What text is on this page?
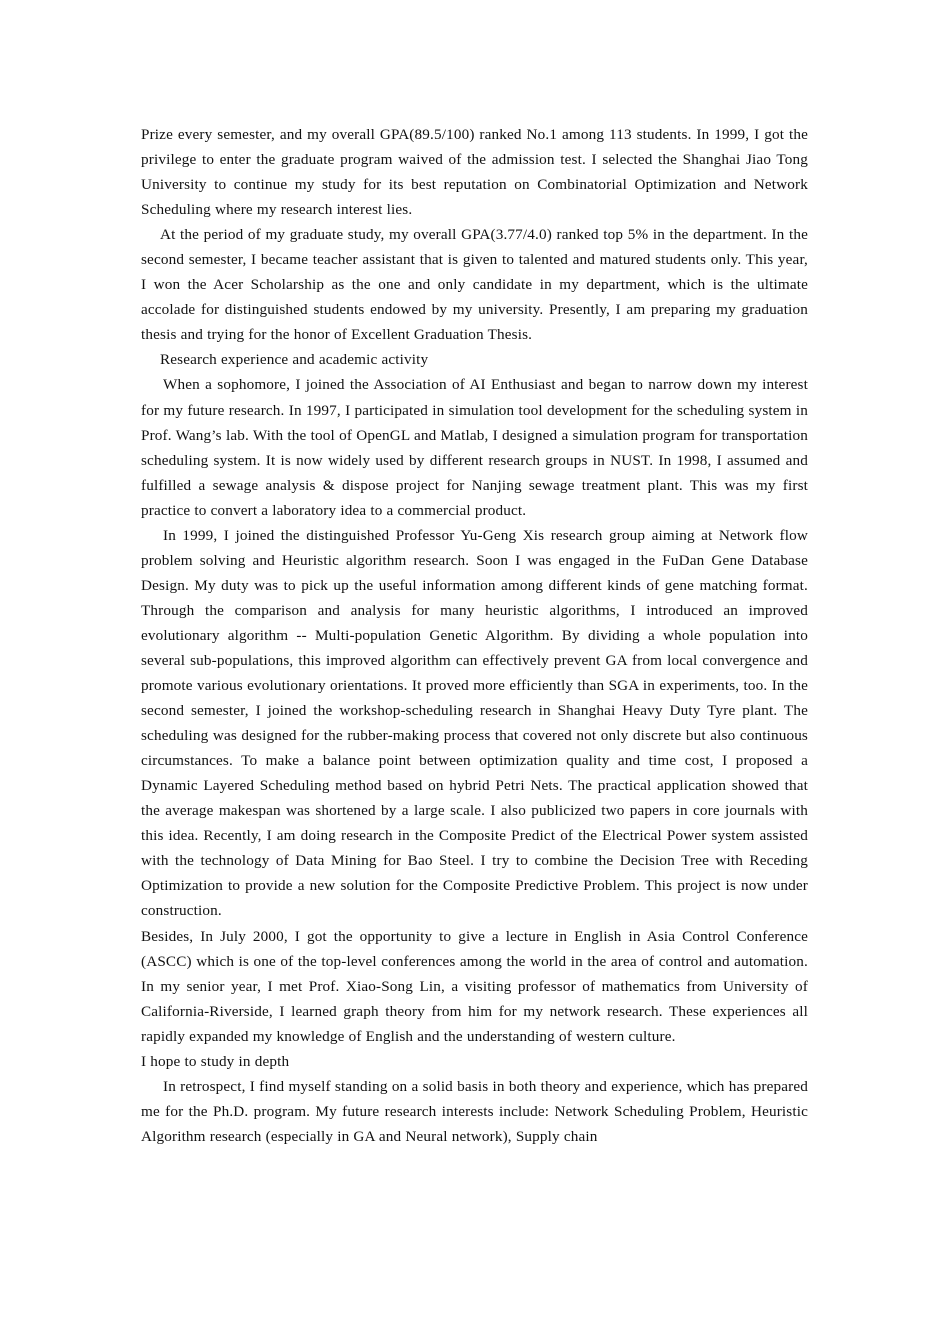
Prize every semester, and my overall GPA(89.5/100) ranked No.1 among 113 students. In 1999, I got the privilege to enter the graduate program waived of the admission test. I selected the Shanghai Jiao Tong University to continue my study for its best reputation on Combinatorial Optimization and Network Scheduling where my research interest lies.

At the period of my graduate study, my overall GPA(3.77/4.0) ranked top 5% in the department. In the second semester, I became teacher assistant that is given to talented and matured students only. This year, I won the Acer Scholarship as the one and only candidate in my department, which is the ultimate accolade for distinguished students endowed by my university. Presently, I am preparing my graduation thesis and trying for the honor of Excellent Graduation Thesis.

Research experience and academic activity

When a sophomore, I joined the Association of AI Enthusiast and began to narrow down my interest for my future research. In 1997, I participated in simulation tool development for the scheduling system in Prof. Wang’s lab. With the tool of OpenGL and Matlab, I designed a simulation program for transportation scheduling system. It is now widely used by different research groups in NUST. In 1998, I assumed and fulfilled a sewage analysis & dispose project for Nanjing sewage treatment plant. This was my first practice to convert a laboratory idea to a commercial product.

In 1999, I joined the distinguished Professor Yu-Geng Xis research group aiming at Network flow problem solving and Heuristic algorithm research. Soon I was engaged in the FuDan Gene Database Design. My duty was to pick up the useful information among different kinds of gene matching format. Through the comparison and analysis for many heuristic algorithms, I introduced an improved evolutionary algorithm -- Multi-population Genetic Algorithm. By dividing a whole population into several sub-populations, this improved algorithm can effectively prevent GA from local convergence and promote various evolutionary orientations. It proved more efficiently than SGA in experiments, too. In the second semester, I joined the workshop-scheduling research in Shanghai Heavy Duty Tyre plant. The scheduling was designed for the rubber-making process that covered not only discrete but also continuous circumstances. To make a balance point between optimization quality and time cost, I proposed a Dynamic Layered Scheduling method based on hybrid Petri Nets. The practical application showed that the average makespan was shortened by a large scale. I also publicized two papers in core journals with this idea. Recently, I am doing research in the Composite Predict of the Electrical Power system assisted with the technology of Data Mining for Bao Steel. I try to combine the Decision Tree with Receding Optimization to provide a new solution for the Composite Predictive Problem. This project is now under construction.

Besides, In July 2000, I got the opportunity to give a lecture in English in Asia Control Conference (ASCC) which is one of the top-level conferences among the world in the area of control and automation. In my senior year, I met Prof. Xiao-Song Lin, a visiting professor of mathematics from University of California-Riverside, I learned graph theory from him for my network research. These experiences all rapidly expanded my knowledge of English and the understanding of western culture.

I hope to study in depth

In retrospect, I find myself standing on a solid basis in both theory and experience, which has prepared me for the Ph.D. program. My future research interests include: Network Scheduling Problem, Heuristic Algorithm research (especially in GA and Neural network), Supply chain
